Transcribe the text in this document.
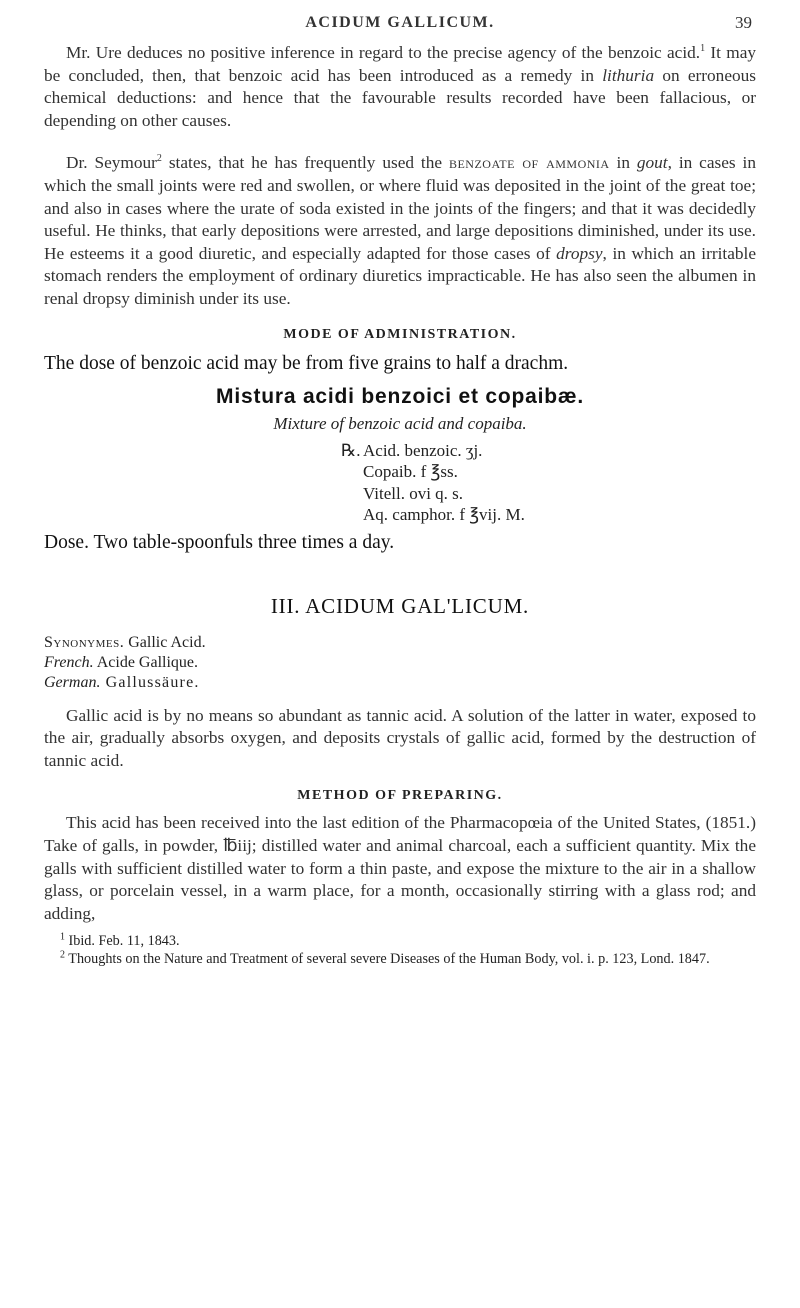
ACIDUM GALLICUM.	39

Mr. Ure deduces no positive inference in regard to the precise agency of the benzoic acid.$^1$ It may be concluded, then, that benzoic acid has been introduced as a remedy in lithuria on erroneous chemical deductions: and hence that the favourable results recorded have been fallacious, or depending on other causes.

Dr. Seymour$^2$ states, that he has frequently used the benzoate of ammonia in gout, in cases in which the small joints were red and swollen, or where fluid was deposited in the joint of the great toe; and also in cases where the urate of soda existed in the joints of the fingers; and that it was decidedly useful. He thinks, that early depositions were arrested, and large depositions diminished, under its use. He esteems it a good diuretic, and especially adapted for those cases of dropsy, in which an irritable stomach renders the employment of ordinary diuretics impracticable. He has also seen the albumen in renal dropsy diminish under its use.

MODE OF ADMINISTRATION.

The dose of benzoic acid may be from five grains to half a drachm.

Mistura acidi benzoici et copaibæ.
Mixture of benzoic acid and copaiba.
℞. Acid. benzoic. ʒj.
Copaib. f ℥ss.
Vitell. ovi q. s.
Aq. camphor. f ℥vij. M.

Dose. Two table-spoonfuls three times a day.

III. ACIDUM GAL'LICUM.
Synonymes. Gallic Acid.
French. Acide Gallique.
German. Gallussäure.

Gallic acid is by no means so abundant as tannic acid. A solution of the latter in water, exposed to the air, gradually absorbs oxygen, and deposits crystals of gallic acid, formed by the destruction of tannic acid.

METHOD OF PREPARING.

This acid has been received into the last edition of the Pharmacopœia of the United States, (1851.) Take of galls, in powder, ℔iij; distilled water and animal charcoal, each a sufficient quantity. Mix the galls with sufficient distilled water to form a thin paste, and expose the mixture to the air in a shallow glass, or porcelain vessel, in a warm place, for a month, occasionally stirring with a glass rod; and adding,

$^1$ Ibid. Feb. 11, 1843.
$^2$ Thoughts on the Nature and Treatment of several severe Diseases of the Human Body, vol. i. p. 123, Lond. 1847.
